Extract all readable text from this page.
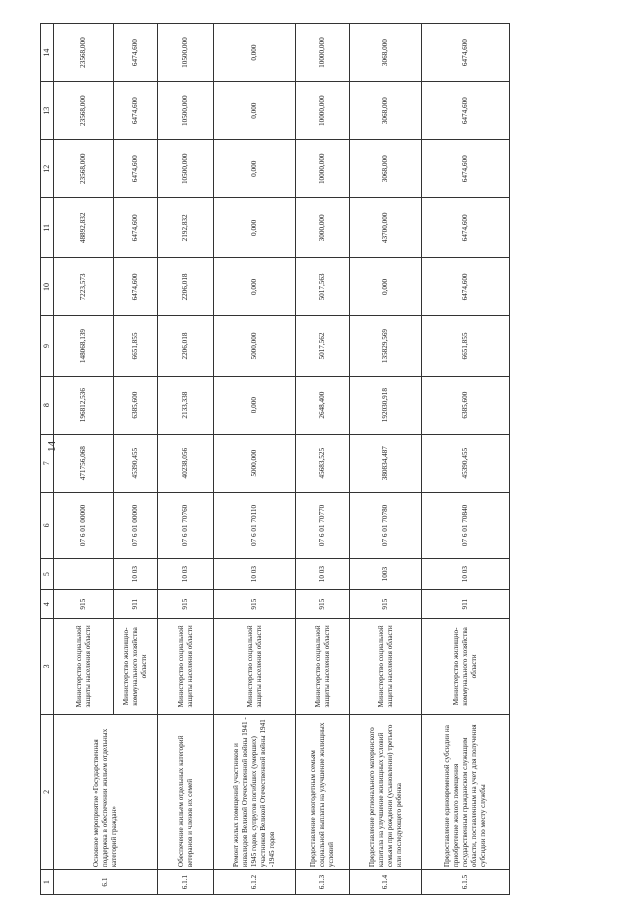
14
1	2	3	4	5	6	7	8	9	10	11	12	13	14
6.1	Основное мероприятие «Государственная поддержка в обеспечении жильем отдельных категорий граждан»	Министерство социальной защиты населения области	915		07 6 01 00000	471756,068	196812,536	148068,139	7223,573	48892,832	23568,000	23568,000	23568,000
		Министерство жилищно-коммунального хозяйства области	911	10 03	07 6 01 00000	45390,455	6385,600	6651,855	6474,600	6474,600	6474,600	6474,600	6474,600
6.1.1	Обеспечение жильем отдельных категорий ветеранов и членов их семей	Министерство социальной защиты населения области	915	10 03	07 6 01 70760	40238,056	2133,338	2206,018	2206,018	2192,832	10500,000	10500,000	10500,000
6.1.2	Ремонт жилых помещений участников и инвалидов Великой Отечественной войны 1941 - 1945 годов, супругов погибших (умерших) участников Великой Отечественной войны 1941 -1945 годов	Министерство социальной защиты населения области	915	10 03	07 6 01 70110	5000,000	0,000	5000,000	0,000	0,000	0,000	0,000	0,000
6.1.3	Предоставление многодетным семьям социальной выплаты на улучшение жилищных условий	Министерство социальной защиты населения области	915	10 03	07 6 01 70770	45683,525	2648,400	5017,562	5017,563	3000,000	10000,000	10000,000	10000,000
6.1.4	Предоставление регионального материнского капитала на улучшение жилищных условий семьям при рождении (усыновлении) третьего или последующего ребенка	Министерство социальной защиты населения области	915	1003	07 6 01 70780	380834,487	192030,918	135829,569	0,000	43700,000	3068,000	3068,000	3068,000
6.1.5	Предоставление единовременной субсидии на приобретение жилого помещения государственным гражданским служащим области, поставленным на учет для получения субсидии по месту службы	Министерство жилищно-коммунального хозяйства области	911	10 03	07 6 01 70840	45390,455	6385,600	6651,855	6474,600	6474,600	6474,600	6474,600	6474,600
